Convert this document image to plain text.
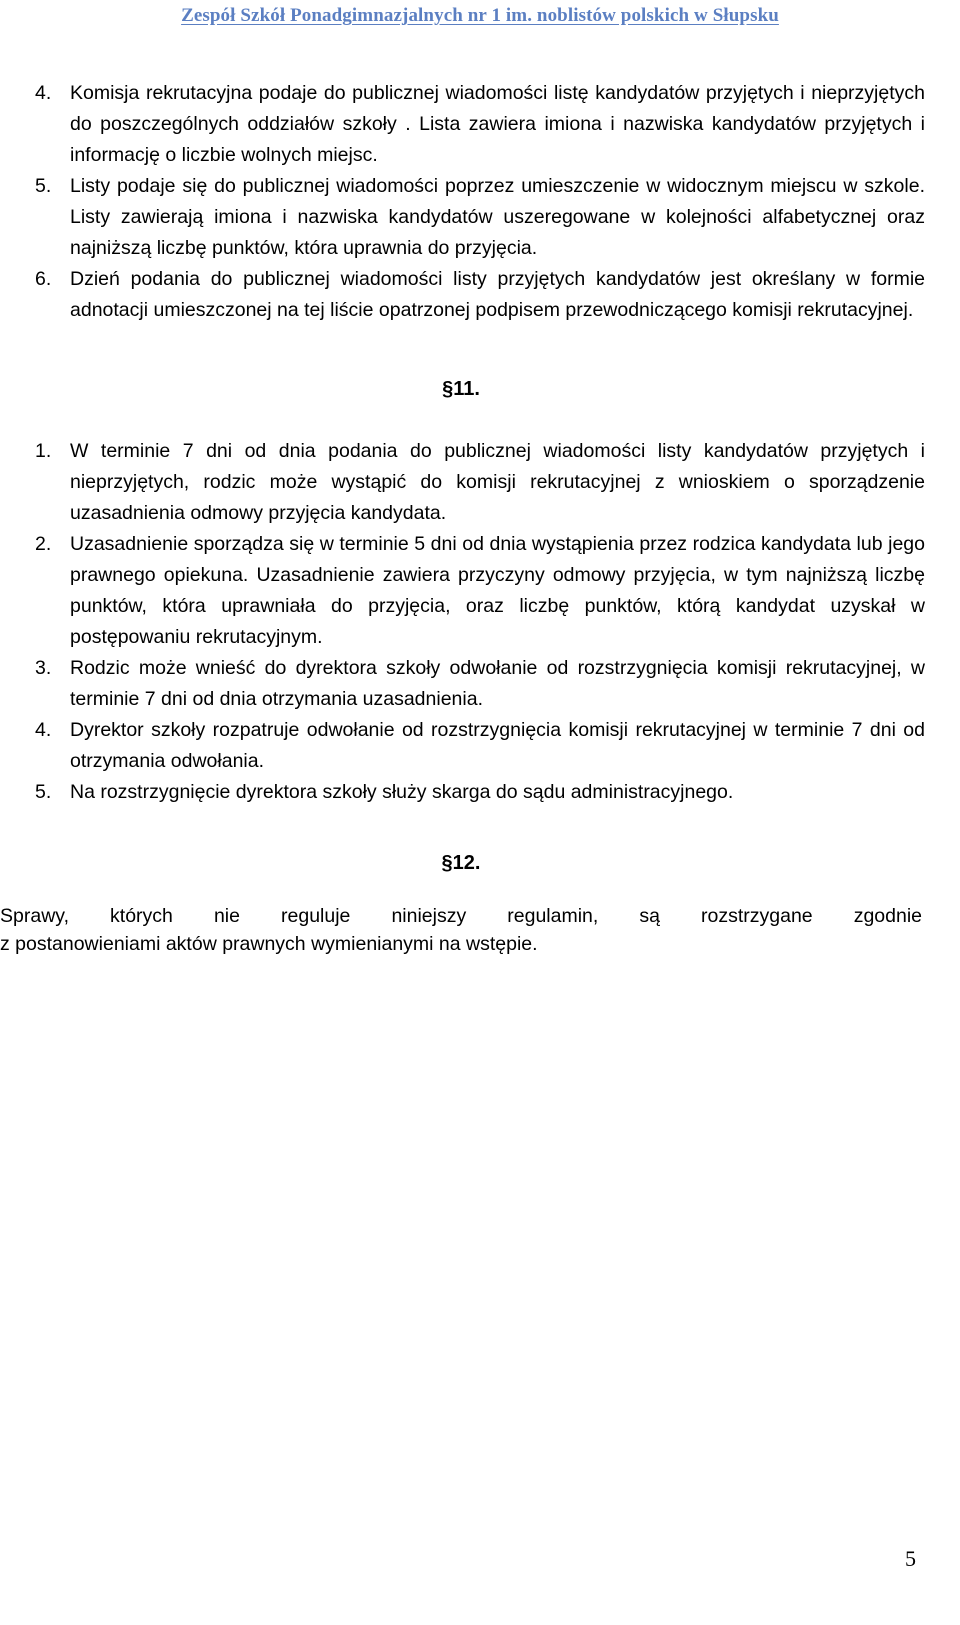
Zespół Szkół Ponadgimnazjalnych nr 1 im. noblistów polskich w Słupsku
4. Komisja rekrutacyjna podaje do publicznej wiadomości listę kandydatów przyjętych i nieprzyjętych do poszczególnych oddziałów szkoły . Lista zawiera imiona i nazwiska kandydatów przyjętych i informację o liczbie wolnych miejsc.
5. Listy podaje się do publicznej wiadomości poprzez umieszczenie w widocznym miejscu w szkole. Listy zawierają imiona i nazwiska kandydatów uszeregowane w kolejności alfabetycznej oraz najniższą liczbę punktów, która uprawnia do przyjęcia.
6. Dzień podania do publicznej wiadomości listy przyjętych kandydatów jest określany w formie adnotacji umieszczonej na tej liście opatrzonej podpisem przewodniczącego komisji rekrutacyjnej.
§11.
1. W terminie 7 dni od dnia podania do publicznej wiadomości listy kandydatów przyjętych i nieprzyjętych, rodzic może wystąpić do komisji rekrutacyjnej z wnioskiem o sporządzenie uzasadnienia odmowy przyjęcia kandydata.
2. Uzasadnienie sporządza się w terminie 5 dni od dnia wystąpienia przez rodzica kandydata lub jego prawnego opiekuna. Uzasadnienie zawiera przyczyny odmowy przyjęcia, w tym najniższą liczbę punktów, która uprawniała do przyjęcia, oraz liczbę punktów, którą kandydat uzyskał w postępowaniu rekrutacyjnym.
3. Rodzic może wnieść do dyrektora szkoły odwołanie od rozstrzygnięcia komisji rekrutacyjnej, w terminie 7 dni od dnia otrzymania uzasadnienia.
4. Dyrektor szkoły rozpatruje odwołanie od rozstrzygnięcia komisji rekrutacyjnej w terminie 7 dni od otrzymania odwołania.
5. Na rozstrzygnięcie dyrektora szkoły służy skarga do sądu administracyjnego.
§12.
Sprawy, których nie reguluje niniejszy regulamin, są rozstrzygane zgodnie
z postanowieniami aktów prawnych wymienianymi na wstępie.
5
